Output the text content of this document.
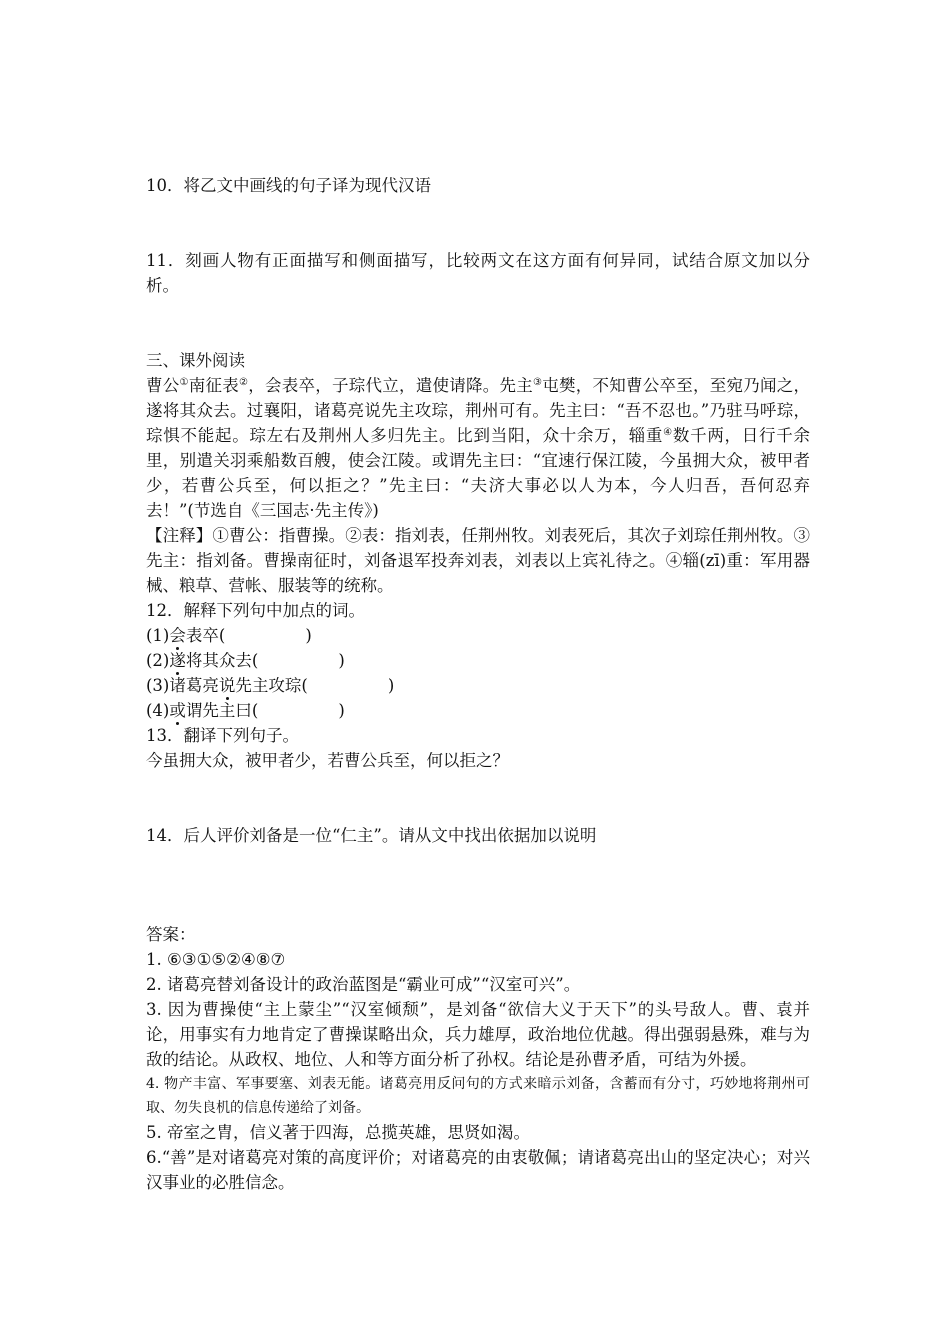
10．将乙文中画线的句子译为现代汉语
11．刻画人物有正面描写和侧面描写，比较两文在这方面有何异同，试结合原文加以分析。
三、课外阅读
曹公①南征表②，会表卒，子琮代立，遣使请降。先主③屯樊，不知曹公卒至，至宛乃闻之，遂将其众去。过襄阳，诸葛亮说先主攻琮，荆州可有。先主曰：“吾不忍也。”乃驻马呼琮，琮惧不能起。琮左右及荆州人多归先主。比到当阳，众十余万，辎重④数千两，日行千余里，别遣关羽乘船数百艘，使会江陵。或谓先主曰：“宜速行保江陵，今虽拥大众，被甲者少，若曹公兵至，何以拒之？”先主曰：“夫济大事必以人为本，今人归吾，吾何忍弃去！”(节选自《三国志·先主传》)
【注释】①曹公：指曹操。②表：指刘表，任荆州牧。刘表死后，其次子刘琮任荆州牧。③先主：指刘备。曹操南征时，刘备退军投奔刘表，刘表以上宾礼待之。④辎(zī)重：军用器械、粮草、营帐、服装等的统称。
12．解释下列句中加点的词。
(1)会表卒(	)
(2)遂将其众去(	)
(3)诸葛亮说先主攻琮(	)
(4)或谓先主曰(	)
13．翻译下列句子。
今虽拥大众，被甲者少，若曹公兵至，何以拒之？
14．后人评价刘备是一位“仁主”。请从文中找出依据加以说明
答案：
1. ⑥③①⑤②④⑧⑦
2. 诸葛亮替刘备设计的政治蓝图是“霸业可成”“汉室可兴”。
3. 因为曹操使“主上蒙尘”“汉室倾颓”，是刘备“欲信大义于天下”的头号敌人。曹、袁并论，用事实有力地肯定了曹操谋略出众，兵力雄厚，政治地位优越。得出强弱悬殊，难与为敌的结论。从政权、地位、人和等方面分析了孙权。结论是孙曹矛盾，可结为外援。
4. 物产丰富、军事要塞、刘表无能。诸葛亮用反问句的方式来暗示刘备，含蓄而有分寸，巧妙地将荆州可取、勿失良机的信息传递给了刘备。
5. 帝室之胄，信义著于四海，总揽英雄，思贤如渴。
6.“善”是对诸葛亮对策的高度评价；对诸葛亮的由衷敬佩；请诸葛亮出山的坚定决心；对兴汉事业的必胜信念。
